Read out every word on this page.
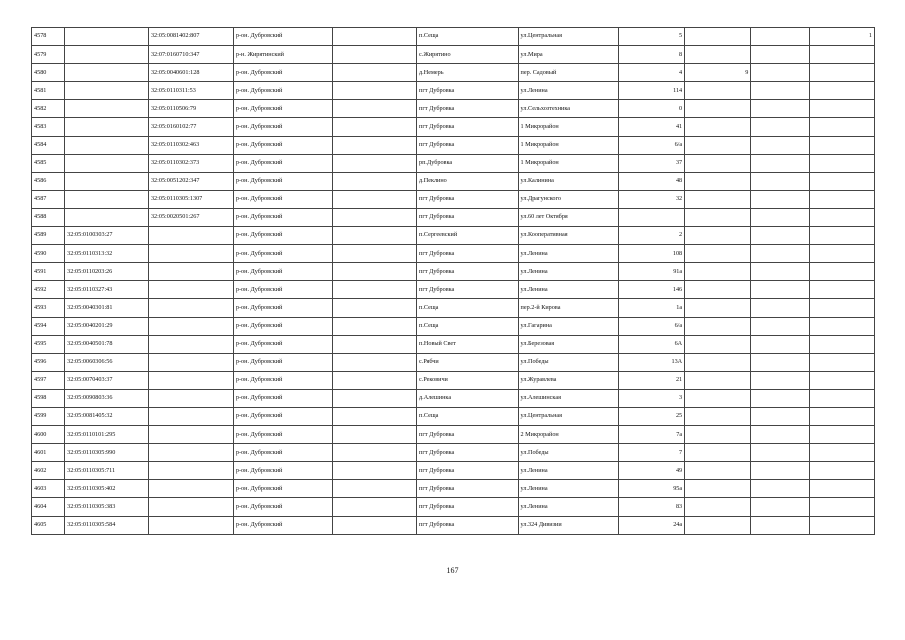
4578		32:05:0081402:807	р-он. Дубровский		п.Сеща	ул.Центральная	5			1
4579		32:07:0160710:347	р-н. Жирятинский		с.Жирятино	ул.Мира	8			
4580		32:05:0040601:128	р-он. Дубровский		д.Немерь	пер. Садовый	4	9		
4581		32:05:0110311:53	р-он. Дубровский		пгт Дубровка	ул.Ленина	114			
4582		32:05:0110506:79	р-он. Дубровский		пгт Дубровка	ул.Сельхозтехника	0			
4583		32:05:0160102:77	р-он. Дубровский		пгт Дубровка	1 Микрорайон	41			
4584		32:05:0110302:463	р-он. Дубровский		пгт Дубровка	1 Микрорайон	6/а			
4585		32:05:0110302:373	р-он. Дубровский		рп.Дубровка	1 Микрорайон	37			
4586		32:05:0051202:347	р-он. Дубровский		д.Пеклино	ул.Калинина	48			
4587		32:05:0110305:1307	р-он. Дубровский		пгт Дубровка	ул.Драгунского	32			
4588		32:05:0020501:267	р-он. Дубровский		пгт Дубровка	ул.60 лет Октября				
4589	32:05:0100303:27		р-он. Дубровский		п.Сергеевский	ул.Кооперативная	2			
4590	32:05:0110313:32		р-он. Дубровский		пгт Дубровка	ул.Ленина	108			
4591	32:05:0110203:26		р-он. Дубровский		пгт Дубровка	ул.Ленина	91а			
4592	32:05:0110327:43		р-он. Дубровский		пгт Дубровка	ул.Ленина	146			
4593	32:05:0040301:81		р-он. Дубровский		п.Сеща	пер.2-й Кирова	1а			
4594	32:05:0040201:29		р-он. Дубровский		п.Сеща	ул.Гагарина	6/а			
4595	32:05:0040501:78		р-он. Дубровский		п.Новый Свет	ул.Березовая	6А			
4596	32:05:0060306:56		р-он. Дубровский		с.Рябчи	ул.Победы	13А			
4597	32:05:0070403:37		р-он. Дубровский		с.Рековичи	ул.Журавлева	21			
4598	32:05:0090803:36		р-он. Дубровский		д.Алешинка	ул.Алешинская	3			
4599	32:05:0081405:32		р-он. Дубровский		п.Сеща	ул.Центральная	25			
4600	32:05:0110101:295		р-он. Дубровский		пгт Дубровка	2 Микрорайон	7а			
4601	32:05:0110305:990		р-он. Дубровский		пгт Дубровка	ул.Победы	7			
4602	32:05:0110305:711		р-он. Дубровский		пгт Дубровка	ул.Ленина	49			
4603	32:05:0110305:402		р-он. Дубровский		пгт Дубровка	ул.Ленина	95а			
4604	32:05:0110305:383		р-он. Дубровский		пгт Дубровка	ул.Ленина	83			
4605	32:05:0110305:584		р-он. Дубровский		пгт Дубровка	ул.324 Дивизии	24а			
167
